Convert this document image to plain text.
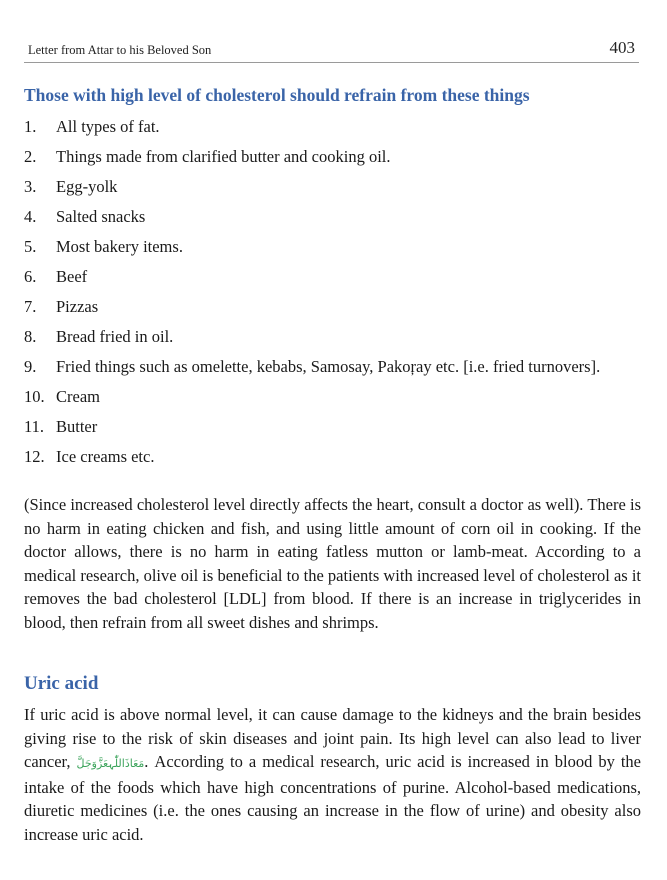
Letter from Attar to his Beloved Son	403
Those with high level of cholesterol should refrain from these things
1. All types of fat.
2. Things made from clarified butter and cooking oil.
3. Egg-yolk
4. Salted snacks
5. Most bakery items.
6. Beef
7. Pizzas
8. Bread fried in oil.
9. Fried things such as omelette, kebabs, Samosay, Pakoŗay etc. [i.e. fried turnovers].
10. Cream
11. Butter
12. Ice creams etc.

(Since increased cholesterol level directly affects the heart, consult a doctor as well). There is no harm in eating chicken and fish, and using little amount of corn oil in cooking. If the doctor allows, there is no harm in eating fatless mutton or lamb-meat. According to a medical research, olive oil is beneficial to the patients with increased level of cholesterol as it removes the bad cholesterol [LDL] from blood. If there is an increase in triglycerides in blood, then refrain from all sweet dishes and shrimps.

Uric acid

If uric acid is above normal level, it can cause damage to the kidneys and the brain besides giving rise to the risk of skin diseases and joint pain. Its high level can also lead to liver cancer, مَعَاذَاللّٰہعَزَّوَجَلَّ. According to a medical research, uric acid is increased in blood by the intake of the foods which have high concentrations of purine. Alcohol-based medications, diuretic medicines (i.e. the ones causing an increase in the flow of urine) and obesity also increase uric acid.
